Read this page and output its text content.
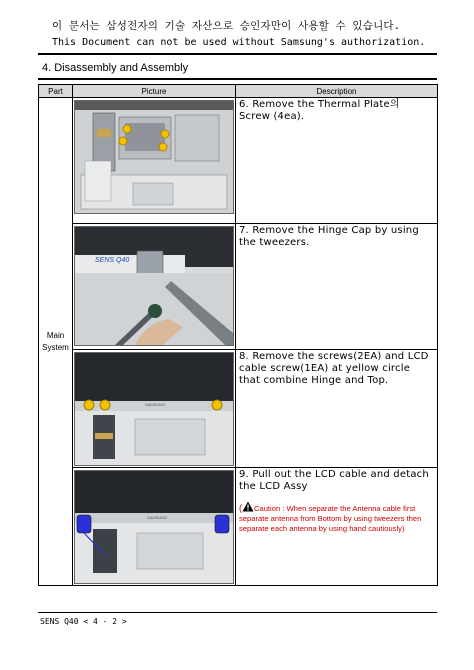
이 문서는 삼성전자의 기술 자산으로 승인자만이 사용할 수 있습니다.
This Document can not be used without Samsung's authorization.
4. Disassembly and Assembly
Part	Picture	Description
Main
System		6. Remove the Thermal Plate의 Screw (4ea).

	SENS Q40	7. Remove the Hinge Cap by using the tweezers.

	SAMSUNG	8. Remove the screws(2EA) and LCD cable screw(1EA) at yellow circle that combine Hinge and Top.

	SAMSUNG	9. Pull out the LCD cable and detach the LCD Assy
( Caution : When separate the Antenna cable first separate antenna from Bottom by using tweezers then separate each antenna by using hand cautiously)
SENS Q40 < 4 - 2 >
